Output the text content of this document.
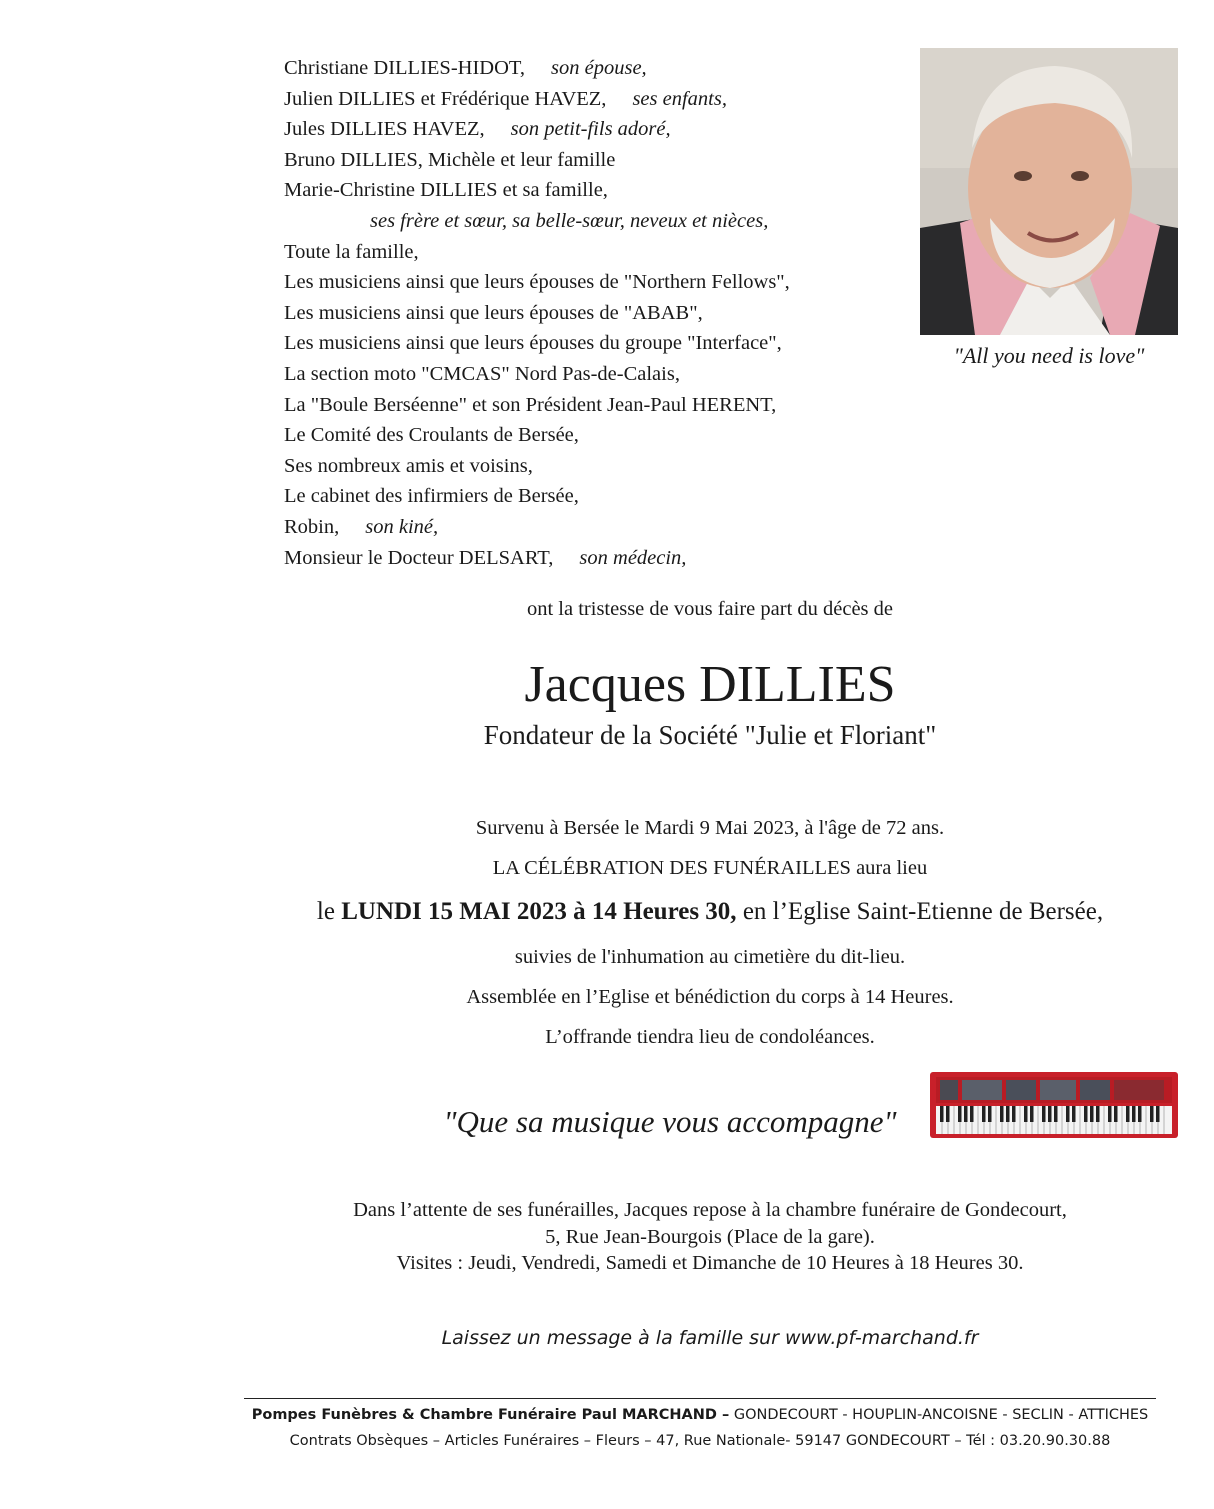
Christiane DILLIES-HIDOT, son épouse,
Julien DILLIES et Frédérique HAVEZ, ses enfants,
Jules DILLIES HAVEZ, son petit-fils adoré,
Bruno DILLIES, Michèle et leur famille
Marie-Christine DILLIES et sa famille,
ses frère et sœur, sa belle-sœur, neveux et nièces,
Toute la famille,
Les musiciens ainsi que leurs épouses de "Northern Fellows",
Les musiciens ainsi que leurs épouses de "ABAB",
Les musiciens ainsi que leurs épouses du groupe "Interface",
La section moto "CMCAS" Nord Pas-de-Calais,
La "Boule Berséenne" et son Président Jean-Paul HERENT,
Le Comité des Croulants de Bersée,
Ses nombreux amis et voisins,
Le cabinet des infirmiers de Bersée,
Robin, son kiné,
Monsieur le Docteur DELSART, son médecin,
"All you need is love"
ont la tristesse de vous faire part du décès de
Jacques DILLIES
Fondateur de la Société "Julie et Floriant"
Survenu à Bersée le Mardi 9 Mai 2023, à l'âge de 72 ans.
LA CÉLÉBRATION DES FUNÉRAILLES aura lieu
le LUNDI 15 MAI 2023 à 14 Heures 30, en l’Eglise Saint-Etienne de Bersée,
suivies de l'inhumation au cimetière du dit-lieu.
Assemblée en l’Eglise et bénédiction du corps à 14 Heures.
L’offrande tiendra lieu de condoléances.
"Que sa musique vous accompagne"
Dans l’attente de ses funérailles, Jacques repose à la chambre funéraire de Gondecourt,
5, Rue Jean-Bourgois (Place de la gare).
Visites : Jeudi, Vendredi, Samedi et Dimanche de 10 Heures à 18 Heures 30.
Laissez un message à la famille sur www.pf-marchand.fr
Pompes Funèbres & Chambre Funéraire Paul MARCHAND – GONDECOURT - HOUPLIN-ANCOISNE - SECLIN - ATTICHES
Contrats Obsèques – Articles Funéraires – Fleurs – 47, Rue Nationale- 59147 GONDECOURT – Tél : 03.20.90.30.88
